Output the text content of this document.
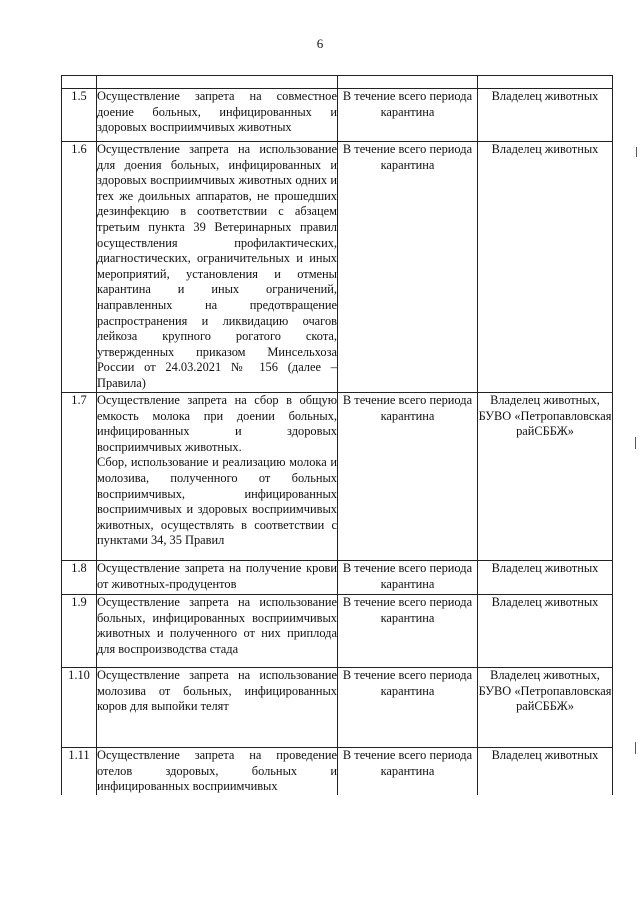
6

1.5	Осуществление запрета на совместное доение больных, инфицированных и здоровых восприимчивых животных	В течение всего периода карантина	Владелец животных
1.6	Осуществление запрета на использование для доения больных, инфицированных и здоровых восприимчивых животных одних и тех же доильных аппаратов, не прошедших дезинфекцию в соответствии с абзацем третьим пункта 39 Ветеринарных правил осуществления профилактических, диагностических, ограничительных и иных мероприятий, установления и отмены карантина и иных ограничений, направленных на предотвращение распространения и ликвидацию очагов лейкоза крупного рогатого скота, утвержденных приказом Минсельхоза России от 24.03.2021 № 156 (далее – Правила)	В течение всего периода карантина	Владелец животных
1.7	Осуществление запрета на сбор в общую емкость молока при доении больных, инфицированных и здоровых восприимчивых животных.
Сбор, использование и реализацию молока и молозива, полученного от больных восприимчивых, инфицированных восприимчивых и здоровых восприимчивых животных, осуществлять в соответствии с пунктами 34, 35 Правил	В течение всего периода карантина	Владелец животных, БУВО «Петропавловская райСББЖ»
1.8	Осуществление запрета на получение крови от животных-продуцентов	В течение всего периода карантина	Владелец животных
1.9	Осуществление запрета на использование больных, инфицированных восприимчивых животных и полученного от них приплода для воспроизводства стада	В течение всего периода карантина	Владелец животных
1.10	Осуществление запрета на использование молозива от больных, инфицированных коров для выпойки телят	В течение всего периода карантина	Владелец животных, БУВО «Петропавловская райСББЖ»
1.11	Осуществление запрета на проведение отелов здоровых, больных и инфицированных восприимчивых	В течение всего периода карантина	Владелец животных
